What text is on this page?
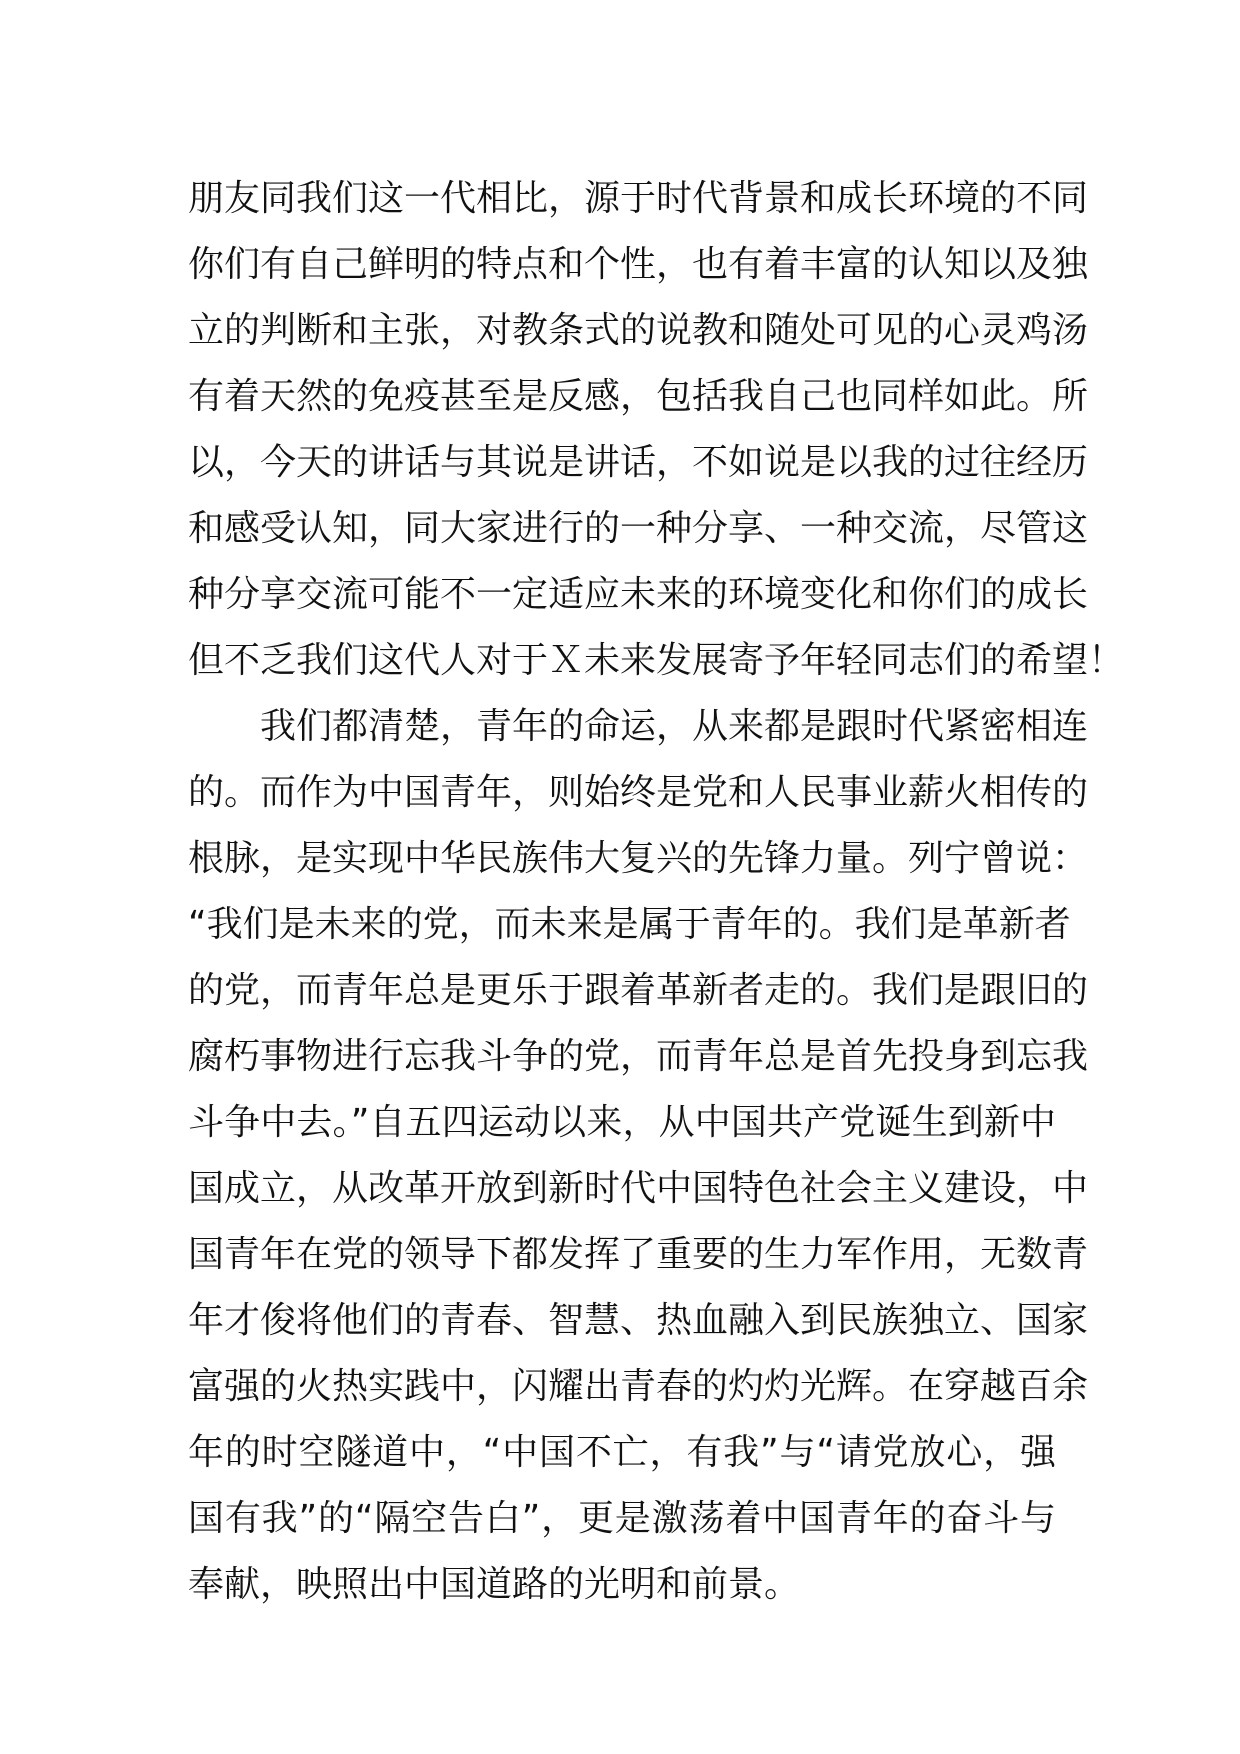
朋友同我们这一代相比，源于时代背景和成长环境的不同
你们有自己鲜明的特点和个性，也有着丰富的认知以及独
立的判断和主张，对教条式的说教和随处可见的心灵鸡汤
有着天然的免疫甚至是反感，包括我自己也同样如此。所
以，今天的讲话与其说是讲话，不如说是以我的过往经历
和感受认知，同大家进行的一种分享、一种交流，尽管这
种分享交流可能不一定适应未来的环境变化和你们的成长
但不乏我们这代人对于Ｘ未来发展寄予年轻同志们的希望！
我们都清楚，青年的命运，从来都是跟时代紧密相连
的。而作为中国青年，则始终是党和人民事业薪火相传的
根脉，是实现中华民族伟大复兴的先锋力量。列宁曾说：
“我们是未来的党，而未来是属于青年的。我们是革新者
的党，而青年总是更乐于跟着革新者走的。我们是跟旧的
腐朽事物进行忘我斗争的党，而青年总是首先投身到忘我
斗争中去。”自五四运动以来，从中国共产党诞生到新中
国成立，从改革开放到新时代中国特色社会主义建设，中
国青年在党的领导下都发挥了重要的生力军作用，无数青
年才俊将他们的青春、智慧、热血融入到民族独立、国家
富强的火热实践中，闪耀出青春的灼灼光辉。在穿越百余
年的时空隧道中，“中国不亡，有我”与“请党放心，强
国有我”的“隔空告白”，更是激荡着中国青年的奋斗与
奉献，映照出中国道路的光明和前景。
